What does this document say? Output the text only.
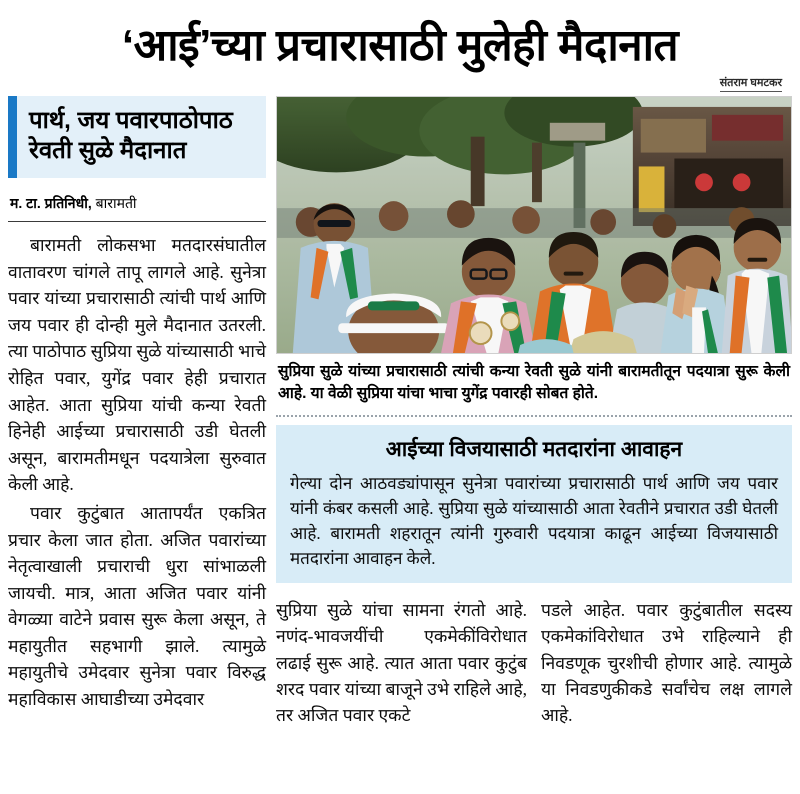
‘आई’च्या प्रचारासाठी मुलेही मैदानात
संतराम घमटकर
पार्थ, जय पवारपाठोपाठ रेवती सुळे मैदानात
म. टा. प्रतिनिधी, बारामती

बारामती लोकसभा मतदारसंघातील वातावरण चांगले तापू लागले आहे. सुनेत्रा पवार यांच्या प्रचारासाठी त्यांची पार्थ आणि जय पवार ही दोन्ही मुले मैदानात उतरली. त्या पाठोपाठ सुप्रिया सुळे यांच्यासाठी भाचे रोहित पवार, युगेंद्र पवार हेही प्रचारात आहेत. आता सुप्रिया यांची कन्या रेवती हिनेही आईच्या प्रचारासाठी उडी घेतली असून, बारामतीमधून पदयात्रेला सुरुवात केली आहे.

पवार कुटुंबात आतापर्यंत एकत्रित प्रचार केला जात होता. अजित पवारांच्या नेतृत्वाखाली प्रचाराची धुरा सांभाळली जायची. मात्र, आता अजित पवार यांनी वेगळ्या वाटेने प्रवास सुरू केला असून, ते महायुतीत सहभागी झाले. त्यामुळे महायुतीचे उमेदवार सुनेत्रा पवार विरुद्ध महाविकास आघाडीच्या उमेदवार

सुप्रिया सुळे यांच्या प्रचारासाठी त्यांची कन्या रेवती सुळे यांनी बारामतीतून पदयात्रा सुरू केली आहे. या वेळी सुप्रिया यांचा भाचा युगेंद्र पवारही सोबत होते.
आईच्या विजयासाठी मतदारांना आवाहन

गेल्या दोन आठवड्यांपासून सुनेत्रा पवारांच्या प्रचारासाठी पार्थ आणि जय पवार यांनी कंबर कसली आहे. सुप्रिया सुळे यांच्यासाठी आता रेवतीने प्रचारात उडी घेतली आहे. बारामती शहरातून त्यांनी गुरुवारी पदयात्रा काढून आईच्या विजयासाठी मतदारांना आवाहन केले.

सुप्रिया सुळे यांचा सामना रंगतो आहे. नणंद-भावजयींची एकमेकींविरोधात लढाई सुरू आहे. त्यात आता पवार कुटुंब शरद पवार यांच्या बाजूने उभे राहिले आहे, तर अजित पवार एकटे

पडले आहेत. पवार कुटुंबातील सदस्य एकमेकांविरोधात उभे राहिल्याने ही निवडणूक चुरशीची होणार आहे. त्यामुळे या निवडणुकीकडे सर्वांचेच लक्ष लागले आहे.
